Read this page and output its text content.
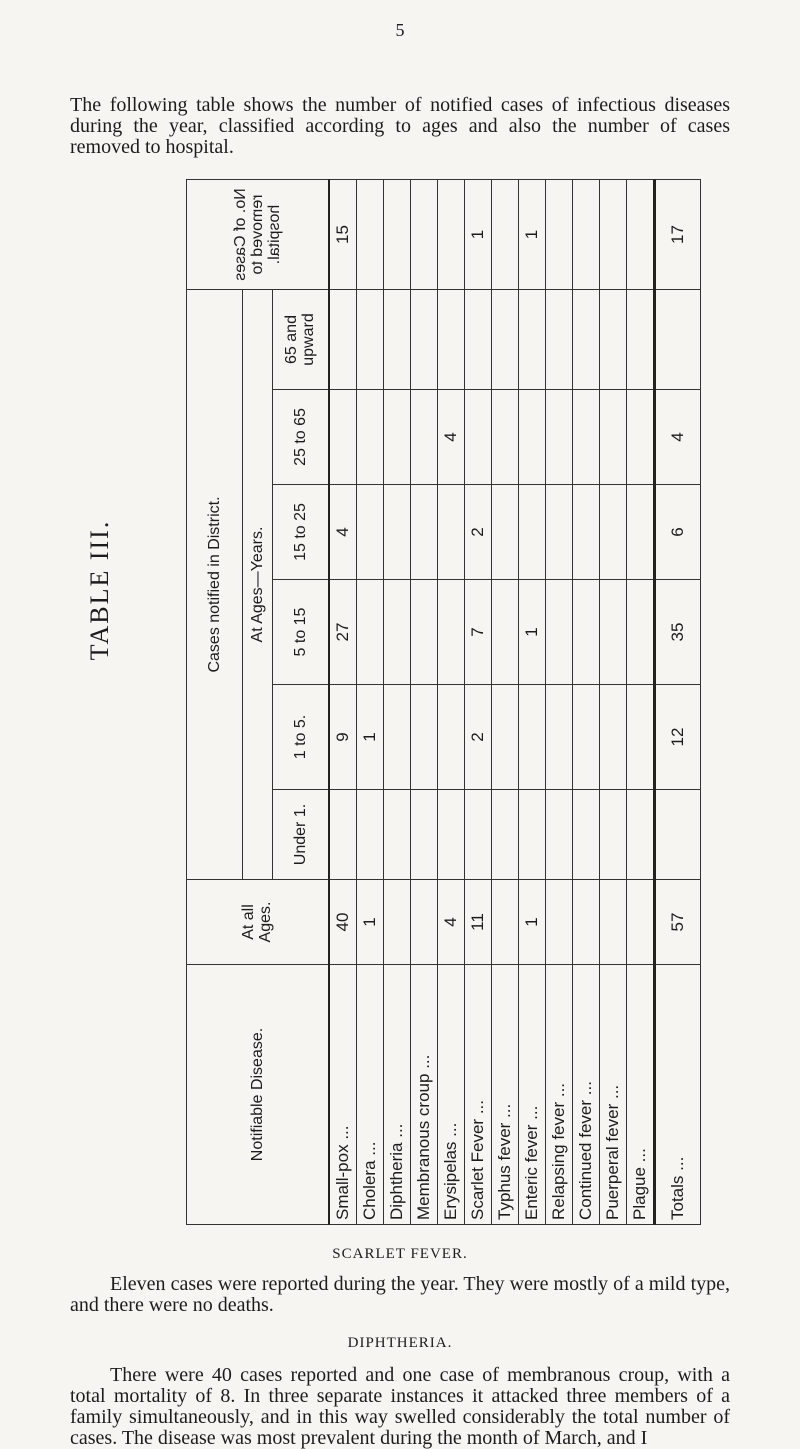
5
The following table shows the number of notified cases of infectious diseases during the year, classified according to ages and also the number of cases removed to hospital.
TABLE III.
Notifiable Disease.	At all Ages.	Cases notified in District.						No. of Cases removed to hospital.
		At Ages—Years.						
		Under 1.	1 to 5.	5 to 15	15 to 25	25 to 65	65 and upward	
Small-pox ...	40		9	27	4			15
Cholera ...	1		1					
Diphtheria ...								
Membranous croup ...								
Erysipelas ...	4					4		
Scarlet Fever ...	11		2	7	2			1
Typhus fever ...								
Enteric fever ...	1			1				1
Relapsing fever ...								
Continued fever ...								
Puerperal fever ...								
Plague ...								
Totals ...	57		12	35	6	4		17
SCARLET FEVER.
Eleven cases were reported during the year. They were mostly of a mild type, and there were no deaths.
DIPHTHERIA.
There were 40 cases reported and one case of membranous croup, with a total mortality of 8. In three separate instances it attacked three members of a family simultaneously, and in this way swelled considerably the total number of cases. The disease was most prevalent during the month of March, and I
